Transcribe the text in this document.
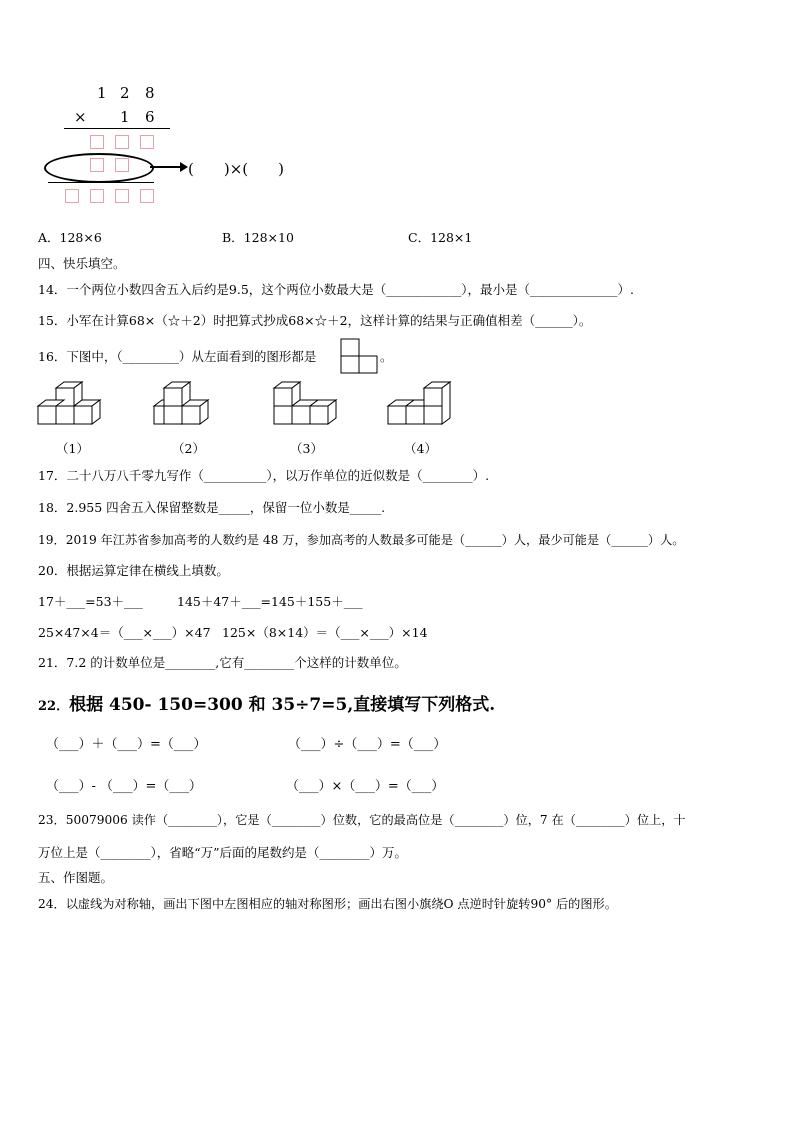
1 2 8
× 1 6
(　　)×(　　)
A．128×6	B．128×10	C．128×1
四、快乐填空。
14．一个两位小数四舍五入后约是9.5，这个两位小数最大是（____________），最小是（______________）.
15．小军在计算68×（☆＋2）时把算式抄成68×☆＋2，这样计算的结果与正确值相差（______）。
16．下图中，（_________）从左面看到的图形都是	。
（1）	（2）	（3）	（4）
17．二十八万八千零九写作（__________），以万作单位的近似数是（________）.
18．2.955 四舍五入保留整数是_____，保留一位小数是_____.
19．2019 年江苏省参加高考的人数约是 48 万，参加高考的人数最多可能是（______）人，最少可能是（______）人。
20．根据运算定律在横线上填数。
17＋___=53＋___	145＋47＋___=145＋155＋___
25×47×4＝（___×___）×47 125×（8×14）＝（___×___）×14
21．7.2 的计数单位是________,它有________个这样的计数单位。
22．根据 450- 150=300 和 35÷7=5,直接填写下列格式.
（___）＋（___）=（___）	（___）÷（___）=（___）
（___）- （___）=（___）	（___）×（___）=（___）
23．50079006 读作（________），它是（________）位数，它的最高位是（________）位，7 在（________）位上，十
万位上是（________），省略“万”后面的尾数约是（________）万。
五、作图题。
24．以虚线为对称轴，画出下图中左图相应的轴对称图形；画出右图小旗绕O 点逆时针旋转90° 后的图形。
